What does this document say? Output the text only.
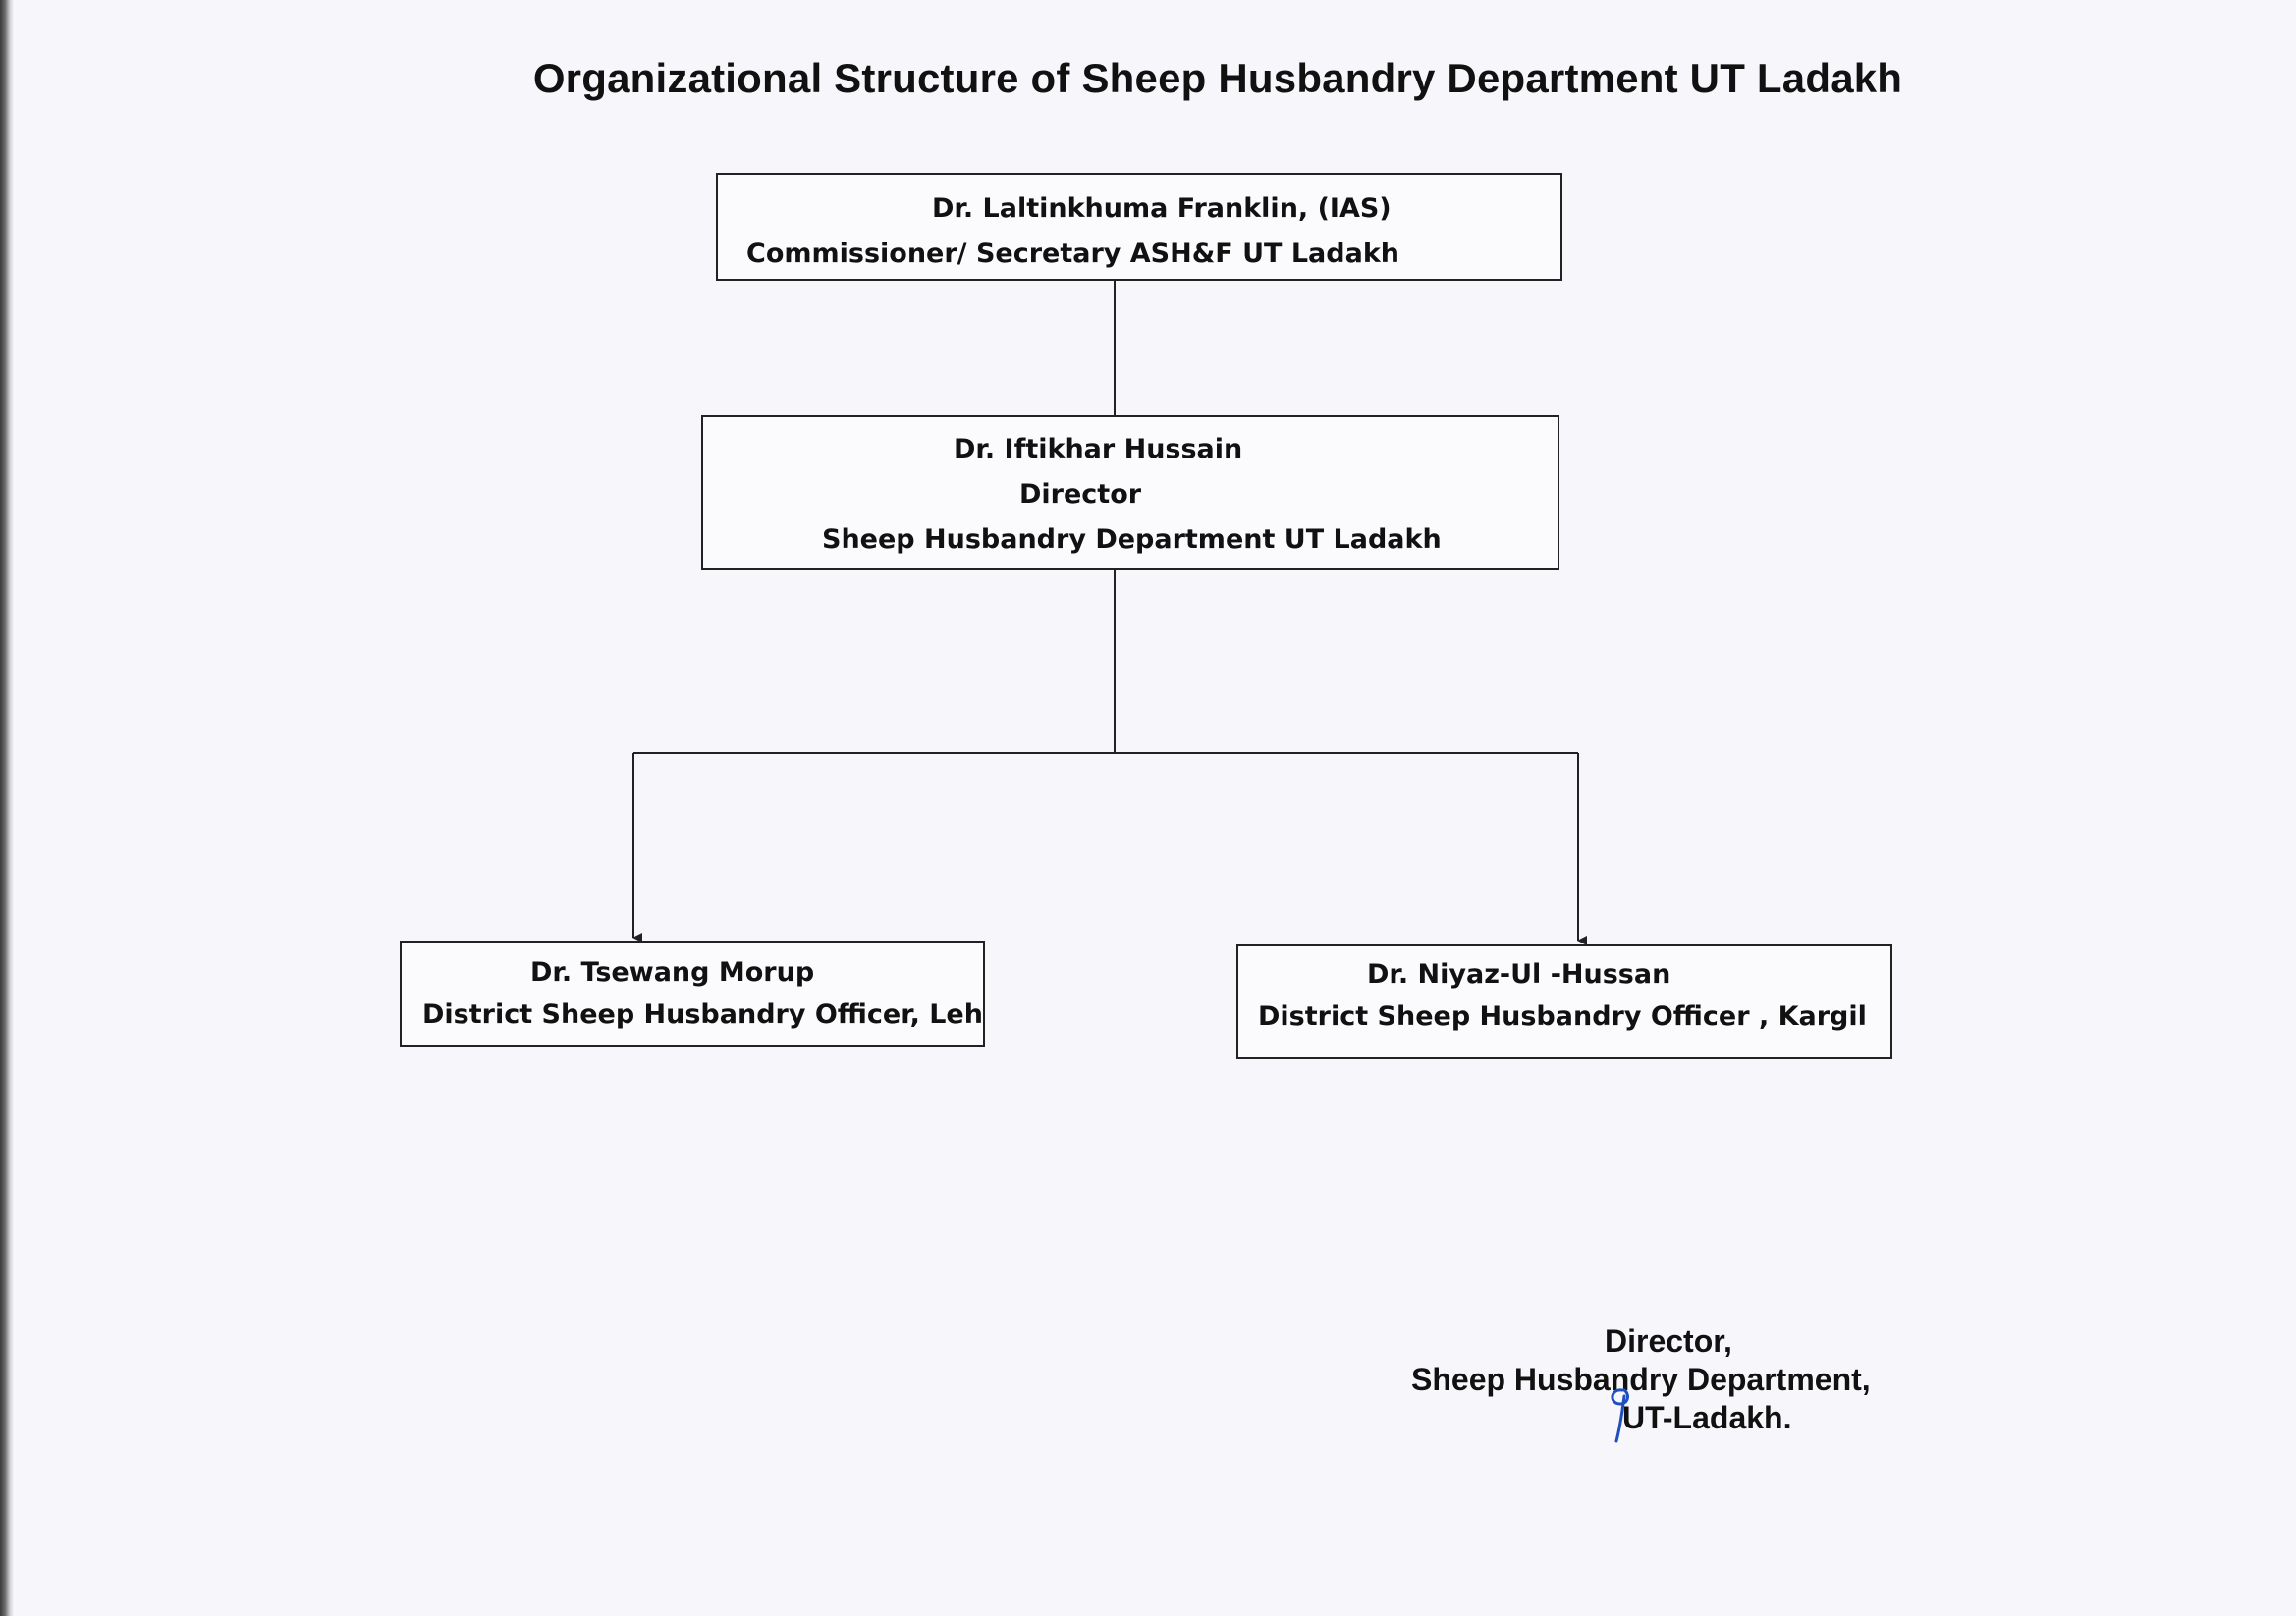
Organizational Structure of Sheep Husbandry Department UT Ladakh
Dr. Laltinkhuma Franklin, (IAS)
Commissioner/ Secretary ASH&F UT Ladakh
Dr. Iftikhar Hussain
Director
Sheep Husbandry Department UT Ladakh
Dr. Tsewang Morup
District Sheep Husbandry Officer, Leh
Dr. Niyaz-Ul -Hussan
District Sheep Husbandry Officer , Kargil
Director,
Sheep Husbandry Department,
UT-Ladakh.
